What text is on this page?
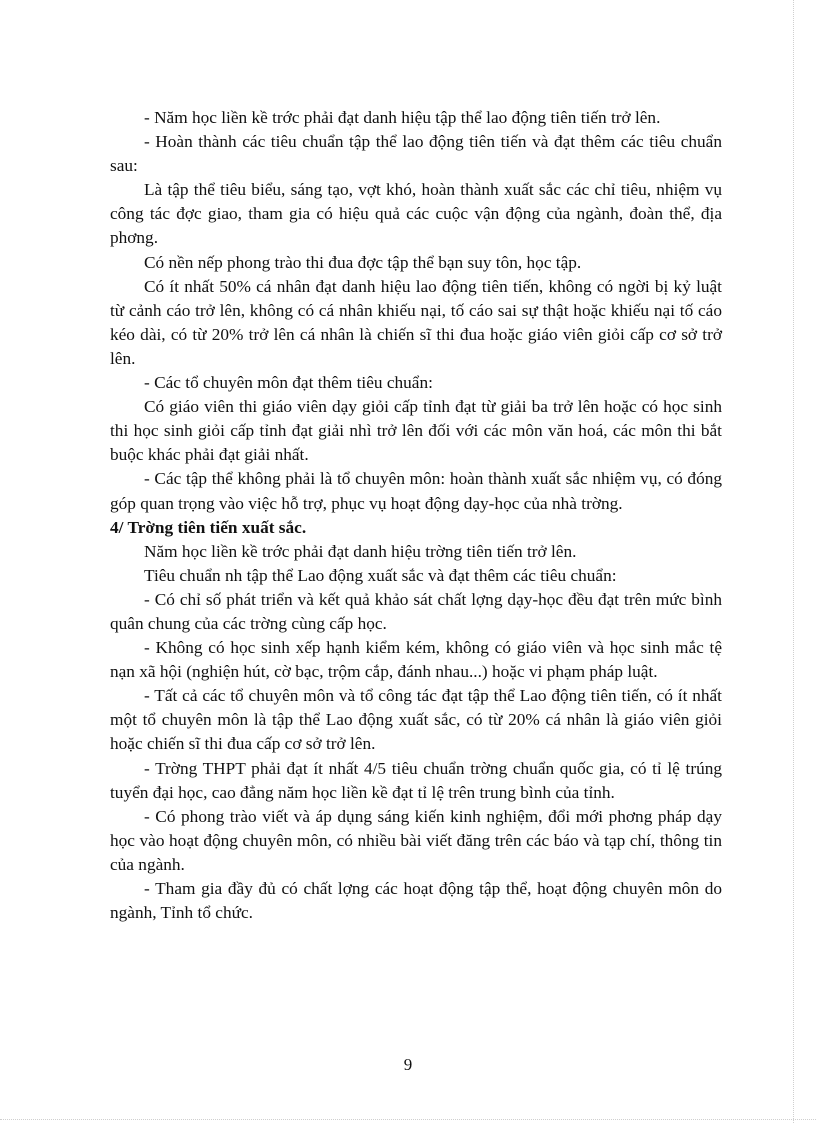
- Năm học liền kề trớc phải đạt danh hiệu tập thể lao động tiên tiến trở lên.

- Hoàn thành các tiêu chuẩn tập thể lao động tiên tiến và đạt thêm các tiêu chuẩn sau:

Là tập thể tiêu biểu, sáng tạo, vợt khó, hoàn thành xuất sắc các chỉ tiêu, nhiệm vụ công tác đợc giao, tham gia có hiệu quả các cuộc vận động của ngành, đoàn thể, địa phơng.

Có nền nếp phong trào thi đua đợc tập thể bạn suy tôn, học tập.

Có ít nhất 50% cá nhân đạt danh hiệu lao động tiên tiến, không có ngời bị kỷ luật từ cảnh cáo trở lên, không có cá nhân khiếu nại, tố cáo sai sự thật hoặc khiếu nại tố cáo kéo dài, có từ 20% trở lên cá nhân là chiến sĩ thi đua hoặc giáo viên giỏi cấp cơ sở trở lên.

- Các tổ chuyên môn đạt thêm tiêu chuẩn:

Có giáo viên thi giáo viên dạy giỏi cấp tỉnh đạt từ giải ba trở lên hoặc có học sinh thi học sinh giỏi cấp tỉnh đạt giải nhì trở lên đối với các môn văn hoá, các môn thi bắt buộc khác phải đạt giải nhất.

- Các tập thể không phải là tổ chuyên môn: hoàn thành xuất sắc nhiệm vụ, có đóng góp quan trọng vào việc hỗ trợ, phục vụ hoạt động dạy-học của nhà trờng.

4/ Trờng tiên tiến xuất sắc.

Năm học liền kề trớc phải đạt danh hiệu trờng tiên tiến trở lên.

Tiêu chuẩn nh tập thể Lao động xuất sắc và đạt thêm các tiêu chuẩn:

- Có chỉ số phát triển và kết quả khảo sát chất lợng dạy-học đều đạt trên mức bình quân chung của các trờng cùng cấp học.

- Không có học sinh xếp hạnh kiểm kém, không có giáo viên và học sinh mắc tệ nạn xã hội (nghiện hút, cờ bạc, trộm cắp, đánh nhau...) hoặc vi phạm pháp luật.

- Tất cả các tổ chuyên môn và tổ công tác đạt tập thể Lao động tiên tiến, có ít nhất một tổ chuyên môn là tập thể Lao động xuất sắc, có từ 20% cá nhân là giáo viên giỏi hoặc chiến sĩ thi đua cấp cơ sở trở lên.

- Trờng THPT phải đạt ít nhất 4/5 tiêu chuẩn trờng chuẩn quốc gia, có tỉ lệ trúng tuyển đại học, cao đẳng năm học liền kề đạt tỉ lệ trên trung bình của tỉnh.

- Có phong trào viết và áp dụng sáng kiến kinh nghiệm, đổi mới phơng pháp dạy học vào hoạt động chuyên môn, có nhiều bài viết đăng trên các báo và tạp chí, thông tin của ngành.

- Tham gia đầy đủ có chất lợng các hoạt động tập thể, hoạt động chuyên môn do ngành, Tỉnh tổ chức.

9
